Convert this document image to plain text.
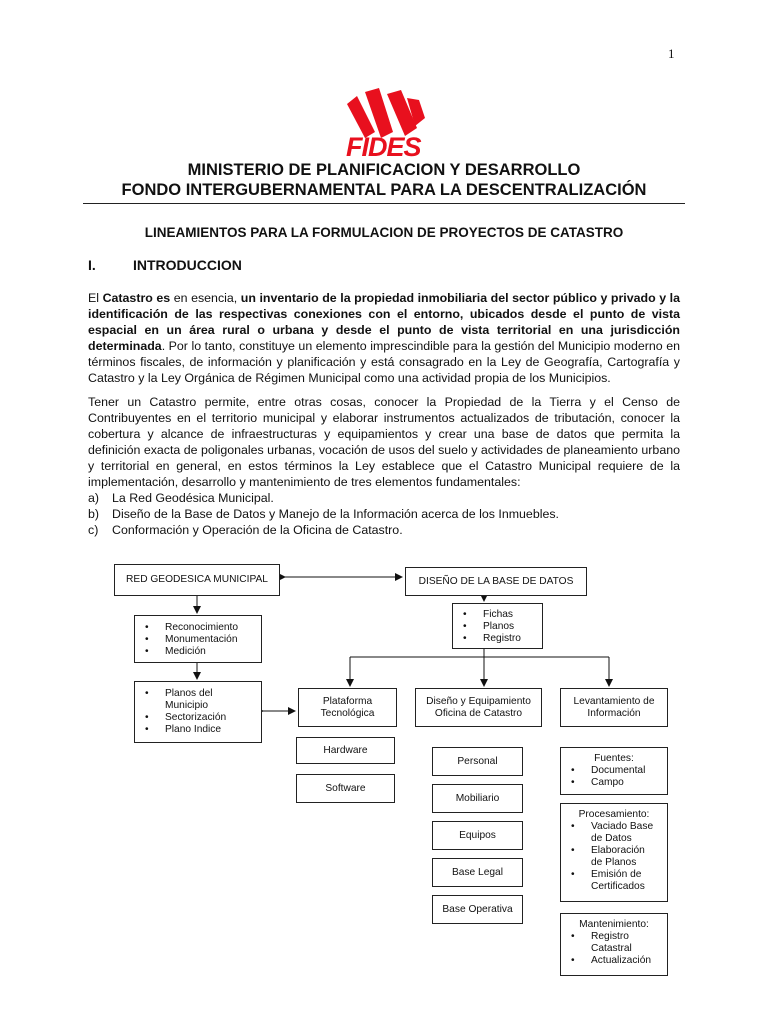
1
FIDES
MINISTERIO DE PLANIFICACION Y DESARROLLO
FONDO INTERGUBERNAMENTAL PARA LA DESCENTRALIZACIÓN
LINEAMIENTOS PARA LA FORMULACION DE PROYECTOS DE CATASTRO
I.	INTRODUCCION
El Catastro es en esencia, un inventario de la propiedad inmobiliaria del sector público y privado y la identificación de las respectivas conexiones con el entorno, ubicados desde el punto de vista espacial en un área rural o urbana y desde el punto de vista territorial en una jurisdicción determinada. Por lo tanto, constituye un elemento imprescindible para la gestión del Municipio moderno en términos fiscales, de información y planificación y está consagrado en la Ley de Geografía, Cartografía y Catastro y la Ley Orgánica de Régimen Municipal como una actividad propia de los Municipios.
Tener un Catastro permite, entre otras cosas, conocer la Propiedad de la Tierra y el Censo de Contribuyentes en el territorio municipal y elaborar instrumentos actualizados de tributación, conocer la cobertura y alcance de infraestructuras y equipamientos y crear una base de datos que permita la definición exacta de poligonales urbanas, vocación de usos del suelo y actividades de planeamiento urbano y territorial en general, en estos términos la Ley establece que el Catastro Municipal requiere de la implementación, desarrollo y mantenimiento de tres elementos fundamentales:
a)	La Red Geodésica Municipal.
b)	Diseño de la Base de Datos y Manejo de la Información acerca de los Inmuebles.
c)	Conformación y Operación de la Oficina de Catastro.
RED GEODESICA MUNICIPAL	DISEÑO DE LA BASE DE DATOS
• Fichas
• Planos
• Registro
• Reconocimiento
• Monumentación
• Medición
• Planos del Municipio
• Sectorización
• Plano Indice
Plataforma Tecnológica
Hardware
Software
Diseño y Equipamiento Oficina de Catastro
Personal
Mobiliario
Equipos
Base Legal
Base Operativa
Levantamiento de Información
Fuentes:
• Documental
• Campo
Procesamiento:
• Vaciado Base de Datos
• Elaboración de Planos
• Emisión de Certificados
Mantenimiento:
• Registro Catastral
• Actualización
